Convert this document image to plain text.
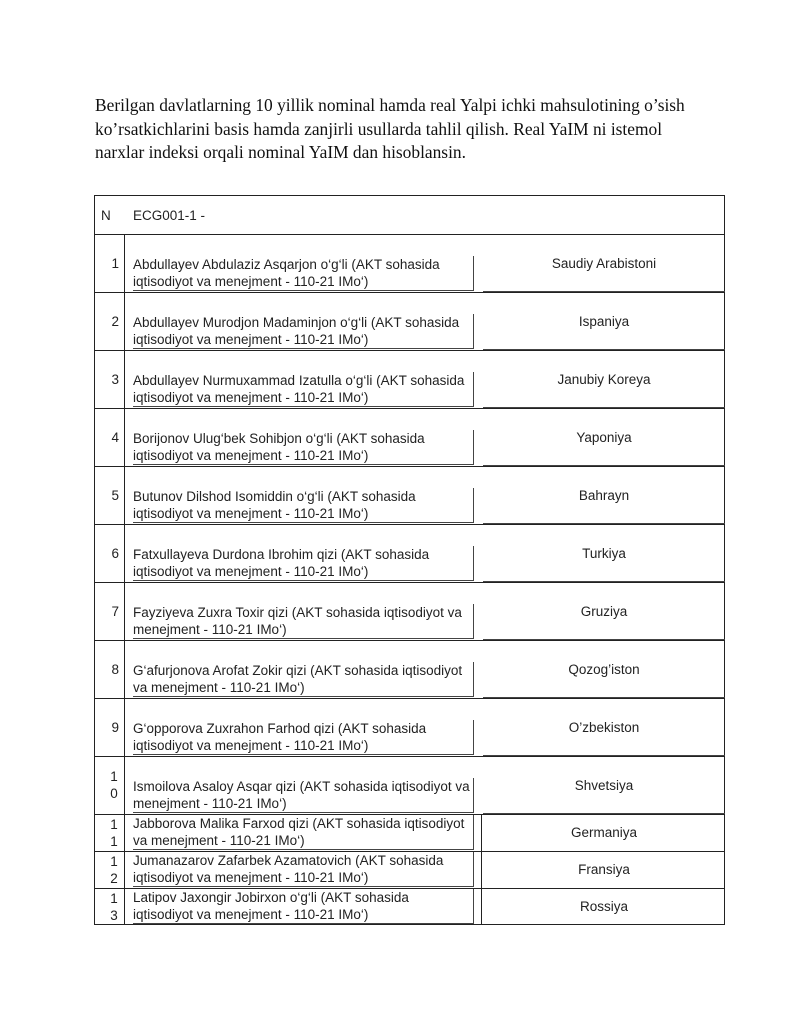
Berilgan davlatlarning 10 yillik nominal hamda real Yalpi ichki mahsulotining o’sish ko’rsatkichlarini basis hamda zanjirli usullarda tahlil qilish. Real YaIM ni istemol narxlar indeksi orqali nominal YaIM dan hisoblansin.

N ECG001-1 -
1 Abdullayev Abdulaziz Asqarjon o‘g‘li (AKT sohasida iqtisodiyot va menejment - 110-21 IMo‘)
Saudiy Arabistoni
2 Abdullayev Murodjon Madaminjon o‘g‘li (AKT sohasida iqtisodiyot va menejment - 110-21 IMo‘)
Ispaniya
3 Abdullayev Nurmuxammad Izatulla o‘g‘li (AKT sohasida iqtisodiyot va menejment - 110-21 IMo‘)
Janubiy Koreya
4 Borijonov Ulug‘bek Sohibjon o‘g‘li (AKT sohasida iqtisodiyot va menejment - 110-21 IMo‘)
Yaponiya
5 Butunov Dilshod Isomiddin o‘g‘li (AKT sohasida iqtisodiyot va menejment - 110-21 IMo‘)
Bahrayn
6 Fatxullayeva Durdona Ibrohim qizi (AKT sohasida iqtisodiyot va menejment - 110-21 IMo‘)
Turkiya
7 Fayziyeva Zuxra Toxir qizi (AKT sohasida iqtisodiyot va menejment - 110-21 IMo‘)
Gruziya
8 G‘afurjonova Arofat Zokir qizi (AKT sohasida iqtisodiyot va menejment - 110-21 IMo‘)
Qozog’iston
9 G‘opporova Zuxrahon Farhod qizi (AKT sohasida iqtisodiyot va menejment - 110-21 IMo‘)
O’zbekiston
1
0 Ismoilova Asaloy Asqar qizi (AKT sohasida iqtisodiyot va menejment - 110-21 IMo‘)
Shvetsiya
1
1
Jabborova Malika Farxod qizi (AKT sohasida iqtisodiyot va menejment - 110-21 IMo‘)
Germaniya
1
2
Jumanazarov Zafarbek Azamatovich (AKT sohasida iqtisodiyot va menejment - 110-21 IMo‘)
Fransiya
1
3
Latipov Jaxongir Jobirxon o‘g‘li (AKT sohasida iqtisodiyot va menejment - 110-21 IMo‘)
Rossiya
